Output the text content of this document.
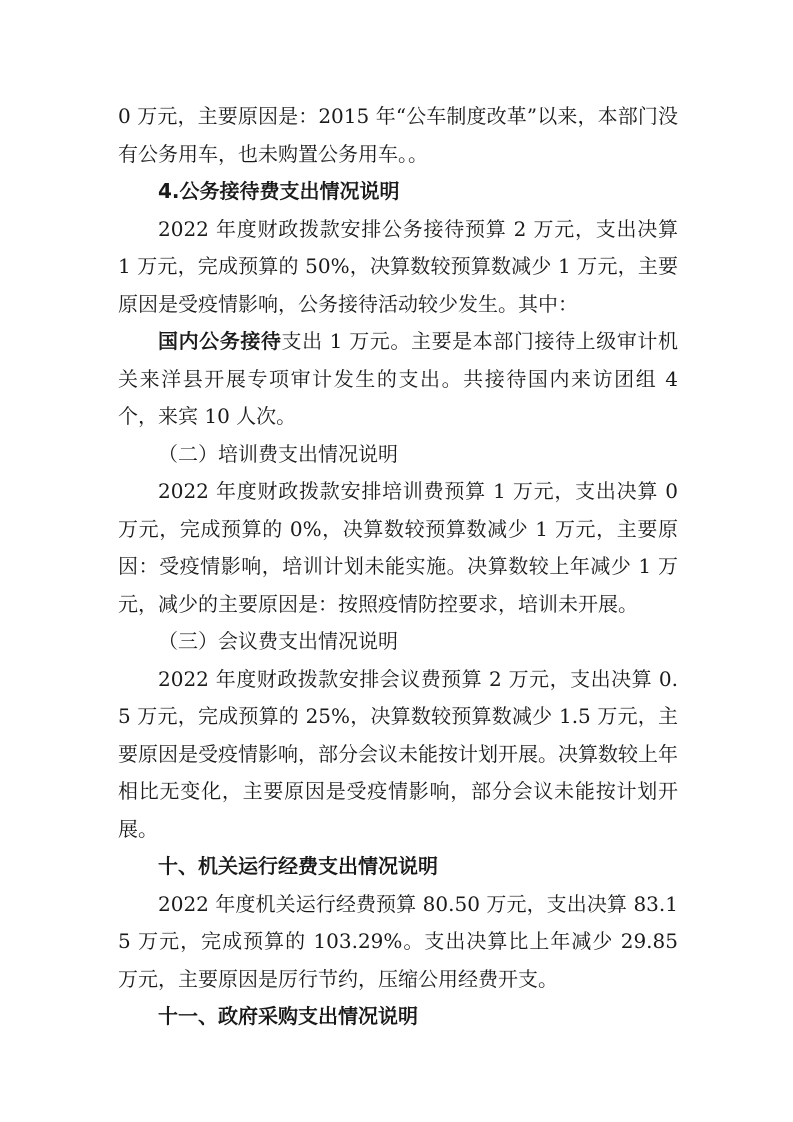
0 万元，主要原因是：2015 年“公车制度改革”以来，本部门没有公务用车，也未购置公务用车。。

4.公务接待费支出情况说明

2022 年度财政拨款安排公务接待预算 2 万元，支出决算 1 万元，完成预算的 50%，决算数较预算数减少 1 万元，主要原因是受疫情影响，公务接待活动较少发生。其中：

国内公务接待支出 1 万元。主要是本部门接待上级审计机关来洋县开展专项审计发生的支出。共接待国内来访团组 4 个，来宾 10 人次。

（二）培训费支出情况说明

2022 年度财政拨款安排培训费预算 1 万元，支出决算 0 万元，完成预算的 0%，决算数较预算数减少 1 万元，主要原因：受疫情影响，培训计划未能实施。决算数较上年减少 1 万元，减少的主要原因是：按照疫情防控要求，培训未开展。

（三）会议费支出情况说明

2022 年度财政拨款安排会议费预算 2 万元，支出决算 0.5 万元，完成预算的 25%，决算数较预算数减少 1.5 万元，主要原因是受疫情影响，部分会议未能按计划开展。决算数较上年相比无变化，主要原因是受疫情影响，部分会议未能按计划开展。

十、机关运行经费支出情况说明

2022 年度机关运行经费预算 80.50 万元，支出决算 83.15 万元，完成预算的 103.29%。支出决算比上年减少 29.85 万元，主要原因是厉行节约，压缩公用经费开支。

十一、政府采购支出情况说明
